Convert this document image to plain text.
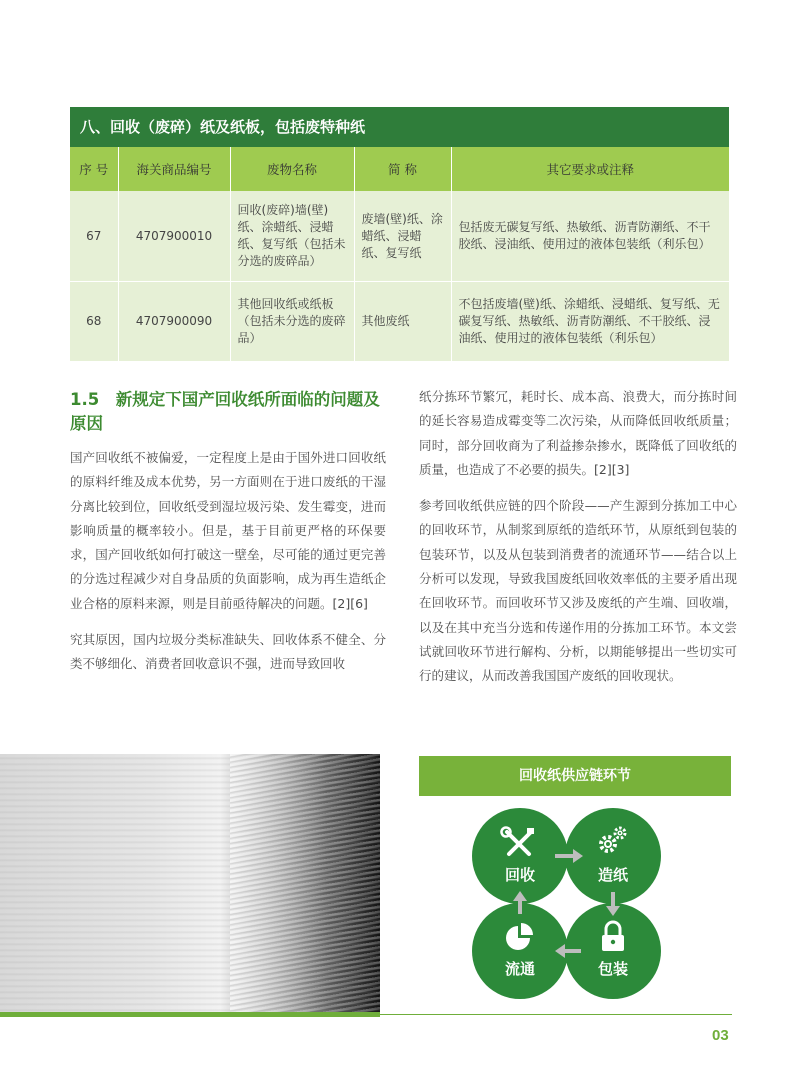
八、回收（废碎）纸及纸板，包括废特种纸
序 号	海关商品编号	废物名称	简 称	其它要求或注释
67	4707900010	回收(废碎)墙(壁)纸、涂蜡纸、浸蜡纸、复写纸（包括未分选的废碎品）	废墙(壁)纸、涂蜡纸、浸蜡纸、复写纸	包括废无碳复写纸、热敏纸、沥青防潮纸、不干胶纸、浸油纸、使用过的液体包装纸（利乐包）
68	4707900090	其他回收纸或纸板（包括未分选的废碎品）	其他废纸	不包括废墙(壁)纸、涂蜡纸、浸蜡纸、复写纸、无碳复写纸、热敏纸、沥青防潮纸、不干胶纸、浸油纸、使用过的液体包装纸（利乐包）
1.5　新规定下国产回收纸所面临的问题及原因

国产回收纸不被偏爱，一定程度上是由于国外进口回收纸的原料纤维及成本优势，另一方面则在于进口废纸的干湿分离比较到位，回收纸受到湿垃圾污染、发生霉变，进而影响质量的概率较小。但是，基于目前更严格的环保要求，国产回收纸如何打破这一壁垒，尽可能的通过更完善的分选过程减少对自身品质的负面影响，成为再生造纸企业合格的原料来源，则是目前亟待解决的问题。[2][6]

究其原因，国内垃圾分类标准缺失、回收体系不健全、分类不够细化、消费者回收意识不强，进而导致回收

纸分拣环节繁冗，耗时长、成本高、浪费大，而分拣时间的延长容易造成霉变等二次污染，从而降低回收纸质量；同时，部分回收商为了利益掺杂掺水，既降低了回收纸的质量，也造成了不必要的损失。[2][3]

参考回收纸供应链的四个阶段——产生源到分拣加工中心的回收环节，从制浆到原纸的造纸环节，从原纸到包装的包装环节，以及从包装到消费者的流通环节——结合以上分析可以发现，导致我国废纸回收效率低的主要矛盾出现在回收环节。而回收环节又涉及废纸的产生端、回收端，以及在其中充当分选和传递作用的分拣加工环节。本文尝试就回收环节进行解构、分析，以期能够提出一些切实可行的建议，从而改善我国国产废纸的回收现状。

03
回收纸供应链环节
回收	造纸
包装
流通
